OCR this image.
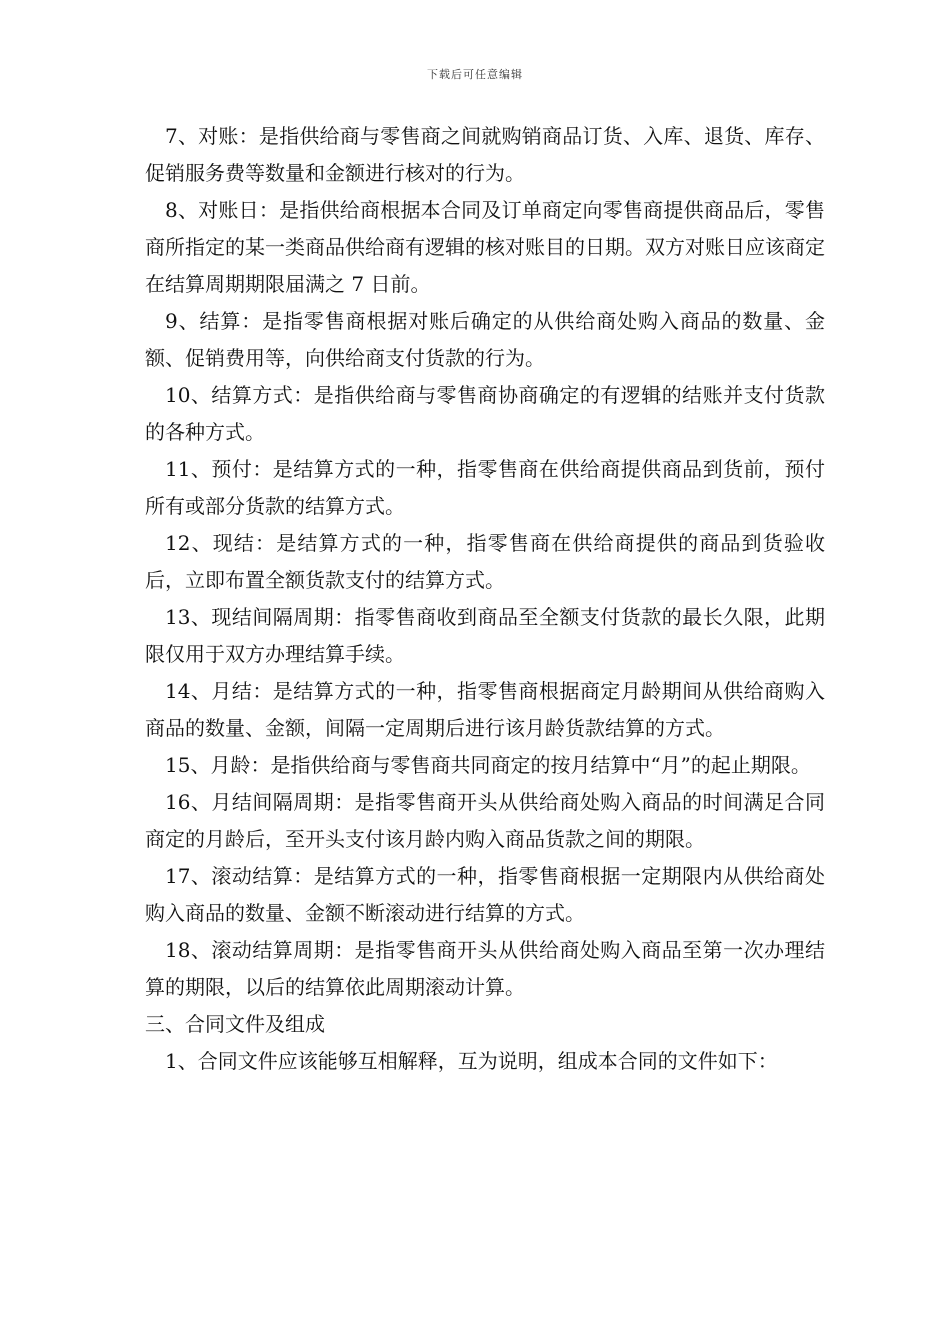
下载后可任意编辑

7、对账：是指供给商与零售商之间就购销商品订货、入库、退货、库存、促销服务费等数量和金额进行核对的行为。

8、对账日：是指供给商根据本合同及订单商定向零售商提供商品后，零售商所指定的某一类商品供给商有逻辑的核对账目的日期。双方对账日应该商定在结算周期期限届满之 7 日前。

9、结算：是指零售商根据对账后确定的从供给商处购入商品的数量、金额、促销费用等，向供给商支付货款的行为。

10、结算方式：是指供给商与零售商协商确定的有逻辑的结账并支付货款的各种方式。

11、预付：是结算方式的一种，指零售商在供给商提供商品到货前，预付所有或部分货款的结算方式。

12、现结：是结算方式的一种，指零售商在供给商提供的商品到货验收后，立即布置全额货款支付的结算方式。

13、现结间隔周期：指零售商收到商品至全额支付货款的最长久限，此期限仅用于双方办理结算手续。

14、月结：是结算方式的一种，指零售商根据商定月龄期间从供给商购入商品的数量、金额，间隔一定周期后进行该月龄货款结算的方式。

15、月龄：是指供给商与零售商共同商定的按月结算中“月”的起止期限。

16、月结间隔周期：是指零售商开头从供给商处购入商品的时间满足合同商定的月龄后，至开头支付该月龄内购入商品货款之间的期限。

17、滚动结算：是结算方式的一种，指零售商根据一定期限内从供给商处购入商品的数量、金额不断滚动进行结算的方式。

18、滚动结算周期：是指零售商开头从供给商处购入商品至第一次办理结算的期限，以后的结算依此周期滚动计算。

三、合同文件及组成

1、合同文件应该能够互相解释，互为说明，组成本合同的文件如下：
